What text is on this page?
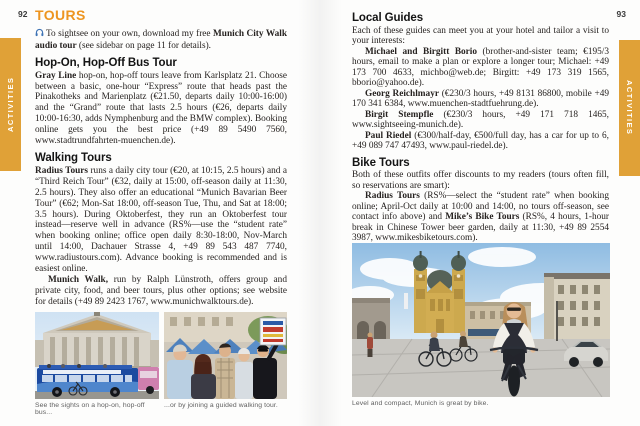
ACTIVITIES	ACTIVITIES
92	93
TOURS

To sightsee on your own, download my free Munich City Walk audio tour (see sidebar on page 11 for details).

Hop-On, Hop-Off Bus Tour

Gray Line hop-on, hop-off tours leave from Karlsplatz 21. Choose between a basic, one-hour “Express” route that heads past the Pinakotheks and Marienplatz (€21.50, departs daily 10:00-16:00) and the “Grand” route that lasts 2.5 hours (€26, departs daily 10:00-16:30, adds Nymphenburg and the BMW complex). Booking online gets you the best price (+49 89 5490 7560, www.stadtrundfahrten-muenchen.de).

Walking Tours

Radius Tours runs a daily city tour (€20, at 10:15, 2.5 hours) and a “Third Reich Tour” (€32, daily at 15:00, off-season daily at 11:30, 2.5 hours). They also offer an educational “Munich Bavarian Beer Tour” (€62; Mon-Sat 18:00, off-season Tue, Thu, and Sat at 18:00; 3.5 hours). During Oktoberfest, they run an Oktoberfest tour instead—reserve well in advance (RS%—use the “student rate” when booking online; office open daily 8:30-18:00, Nov-March until 14:00, Dachauer Strasse 4, +49 89 543 487 7740, www.radiustours.com). Advance booking is recommended and is easiest online.

Munich Walk, run by Ralph Lünstroth, offers group and private city, food, and beer tours, plus other options; see website for details (+49 89 2423 1767, www.munichwalktours.de).

See the sights on a hop-on, hop-off bus...
...or by joining a guided walking tour.
Local Guides

Each of these guides can meet you at your hotel and tailor a visit to your interests:

Michael and Birgitt Borio (brother-and-sister team; €195/3 hours, email to make a plan or explore a longer tour; Michael: +49 173 700 4633, michbo@web.de; Birgitt: +49 173 319 1565, bborio@yahoo.de).

Georg Reichlmayr (€230/3 hours, +49 8131 86800, mobile +49 170 341 6384, www.muenchen-stadtfuehrung.de).

Birgit Stempfle (€230/3 hours, +49 171 718 1465, www.sightseeing-munich.de).

Paul Riedel (€300/half-day, €500/full day, has a car for up to 6, +49 089 747 47493, www.paul-riedel.de).

Bike Tours

Both of these outfits offer discounts to my readers (tours often fill, so reservations are smart):

Radius Tours (RS%—select the “student rate” when booking online; April-Oct daily at 10:00 and 14:00, no tours off-season, see contact info above) and Mike’s Bike Tours (RS%, 4 hours, 1-hour break in Chinese Tower beer garden, daily at 11:30, +49 89 2554 3987, www.mikesbiketours.com).

Level and compact, Munich is great by bike.
